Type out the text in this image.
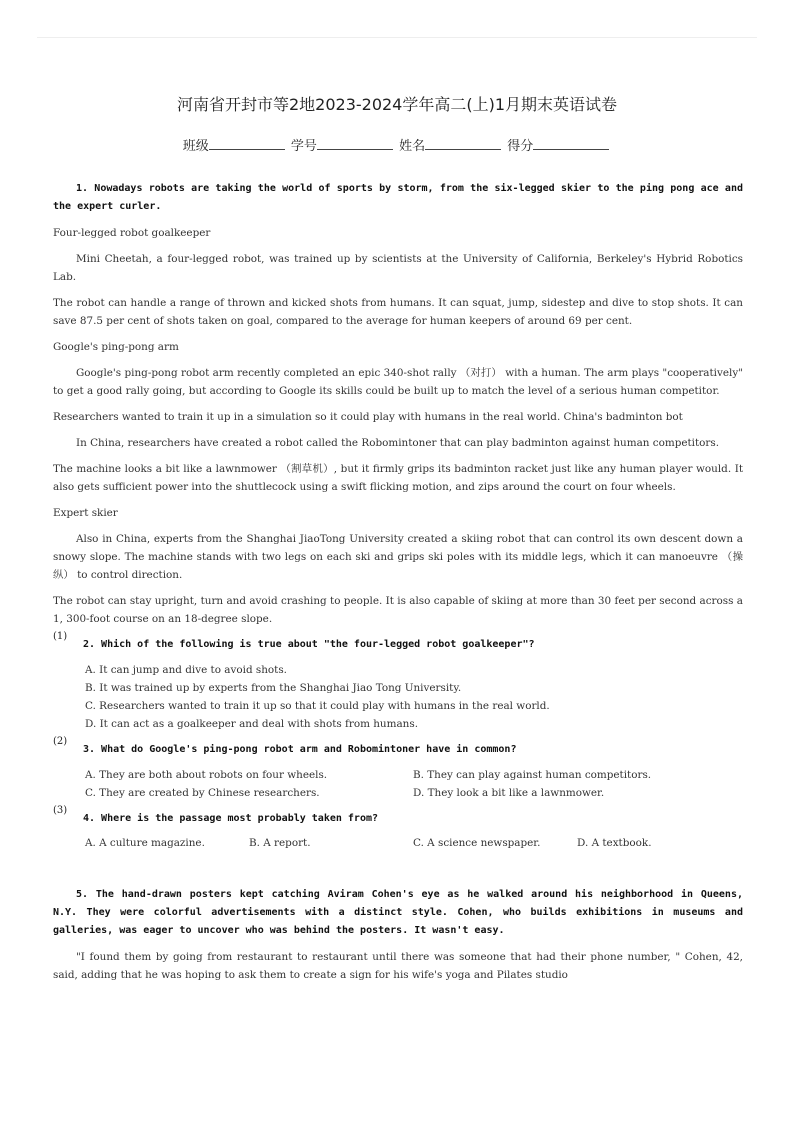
河南省开封市等2地2023-2024学年高二(上)1月期末英语试卷
班级	学号	姓名	得分

1. Nowadays robots are taking the world of sports by storm, from the six-legged skier to the ping pong ace and the expert curler.

Four-legged robot goalkeeper

Mini Cheetah, a four-legged robot, was trained up by scientists at the University of California, Berkeley's Hybrid Robotics Lab.

The robot can handle a range of thrown and kicked shots from humans. It can squat, jump, sidestep and dive to stop shots. It can save 87.5 per cent of shots taken on goal, compared to the average for human keepers of around 69 per cent.

Google's ping-pong arm

Google's ping-pong robot arm recently completed an epic 340-shot rally （对打） with a human. The arm plays "cooperatively" to get a good rally going, but according to Google its skills could be built up to match the level of a serious human competitor.

Researchers wanted to train it up in a simulation so it could play with humans in the real world. China's badminton bot

In China, researchers have created a robot called the Robomintoner that can play badminton against human competitors.

The machine looks a bit like a lawnmower （割草机）, but it firmly grips its badminton racket just like any human player would. It also gets sufficient power into the shuttlecock using a swift flicking motion, and zips around the court on four wheels.

Expert skier

Also in China, experts from the Shanghai JiaoTong University created a skiing robot that can control its own descent down a snowy slope. The machine stands with two legs on each ski and grips ski poles with its middle legs, which it can manoeuvre （操纵） to control direction.

The robot can stay upright, turn and avoid crashing to people. It is also capable of skiing at more than 30 feet per second across a 1, 300-foot course on an 18-degree slope.

(1)

2. Which of the following is true about "the four-legged robot goalkeeper"?

A. It can jump and dive to avoid shots.

B. It was trained up by experts from the Shanghai Jiao Tong University.

C. Researchers wanted to train it up so that it could play with humans in the real world.

D. It can act as a goalkeeper and deal with shots from humans.

(2)

3. What do Google's ping-pong robot arm and Robomintoner have in common?

A. They are both about robots on four wheels.	B. They can play against human competitors.
C. They are created by Chinese researchers.	D. They look a bit like a lawnmower.
(3)

4. Where is the passage most probably taken from?

A. A culture magazine.	B. A report.	C. A science newspaper.	D. A textbook.

5. The hand-drawn posters kept catching Aviram Cohen's eye as he walked around his neighborhood in Queens, N.Y. They were colorful advertisements with a distinct style. Cohen, who builds exhibitions in museums and galleries, was eager to uncover who was behind the posters. It wasn't easy.

"I found them by going from restaurant to restaurant until there was someone that had their phone number, " Cohen, 42, said, adding that he was hoping to ask them to create a sign for his wife's yoga and Pilates studio
